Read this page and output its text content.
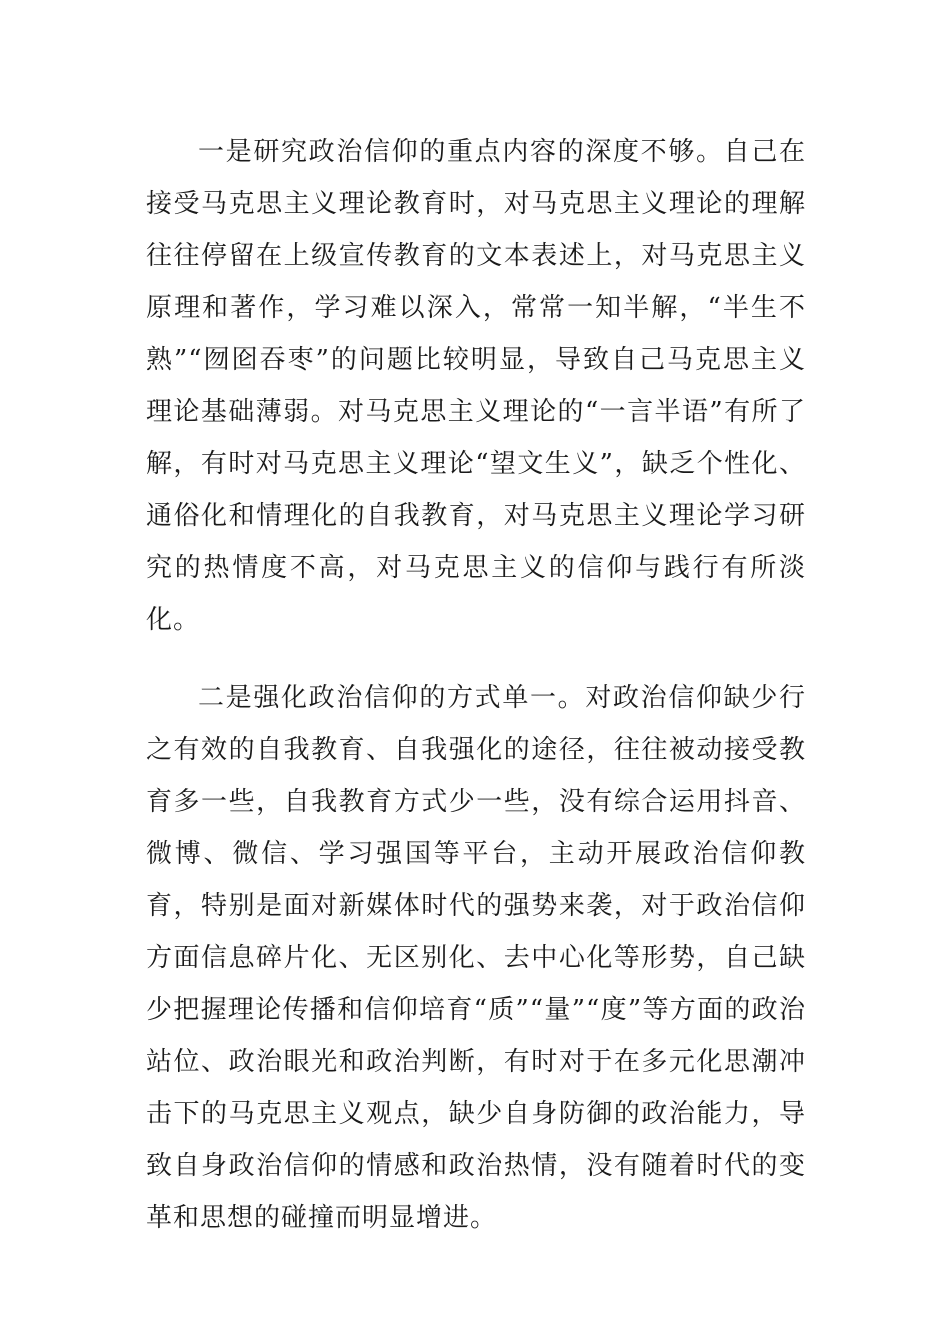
一是研究政治信仰的重点内容的深度不够。自己在接受马克思主义理论教育时，对马克思主义理论的理解往往停留在上级宣传教育的文本表述上，对马克思主义原理和著作，学习难以深入，常常一知半解，“半生不熟”“囫囵吞枣”的问题比较明显，导致自己马克思主义理论基础薄弱。对马克思主义理论的“一言半语”有所了解，有时对马克思主义理论“望文生义”，缺乏个性化、通俗化和情理化的自我教育，对马克思主义理论学习研究的热情度不高，对马克思主义的信仰与践行有所淡化。

二是强化政治信仰的方式单一。对政治信仰缺少行之有效的自我教育、自我强化的途径，往往被动接受教育多一些，自我教育方式少一些，没有综合运用抖音、微博、微信、学习强国等平台，主动开展政治信仰教育，特别是面对新媒体时代的强势来袭，对于政治信仰方面信息碎片化、无区别化、去中心化等形势，自己缺少把握理论传播和信仰培育“质”“量”“度”等方面的政治站位、政治眼光和政治判断，有时对于在多元化思潮冲击下的马克思主义观点，缺少自身防御的政治能力，导致自身政治信仰的情感和政治热情，没有随着时代的变革和思想的碰撞而明显增进。
